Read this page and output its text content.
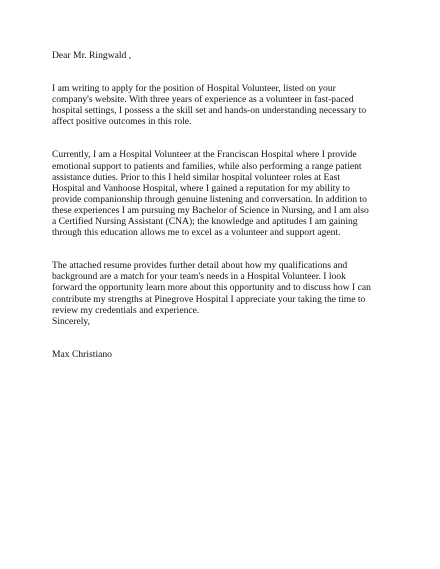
Dear Mr. Ringwald ,

I am writing to apply for the position of Hospital Volunteer, listed on your
company's website. With three years of experience as a volunteer in fast-paced
hospital settings, I possess a the skill set and hands-on understanding necessary to
affect positive outcomes in this role.

Currently, I am a Hospital Volunteer at the Franciscan Hospital where I provide
emotional support to patients and families, while also performing a range patient
assistance duties. Prior to this I held similar hospital volunteer roles at East
Hospital and Vanhoose Hospital, where I gained a reputation for my ability to
provide companionship through genuine listening and conversation. In addition to
these experiences I am pursuing my Bachelor of Science in Nursing, and I am also
a Certified Nursing Assistant (CNA); the knowledge and aptitudes I am gaining
through this education allows me to excel as a volunteer and support agent.

The attached resume provides further detail about how my qualifications and
background are a match for your team's needs in a Hospital Volunteer. I look
forward the opportunity learn more about this opportunity and to discuss how I can
contribute my strengths at Pinegrove Hospital I appreciate your taking the time to
review my credentials and experience.

Sincerely,

Max Christiano
